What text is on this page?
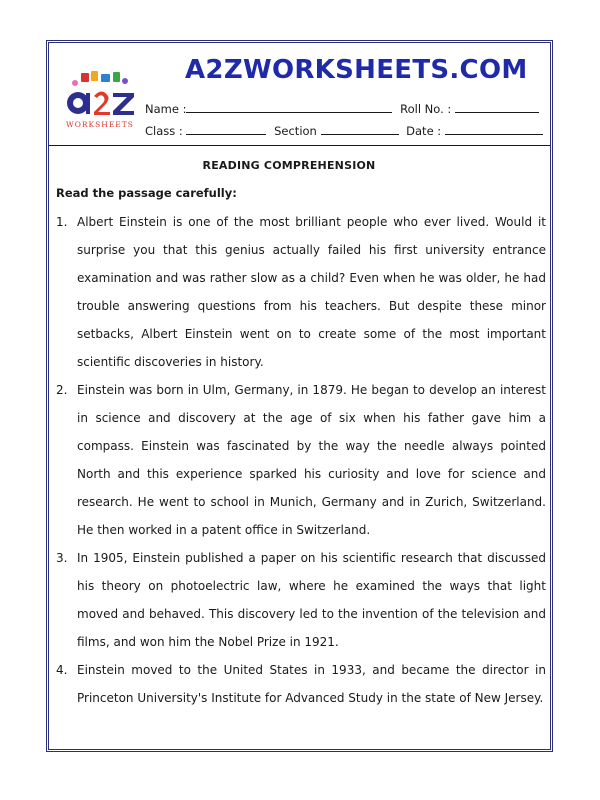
WORKSHEETS
A2ZWORKSHEETS.COM
Name :	Roll No. :
Class :	Section	Date :
READING COMPREHENSION
Read the passage carefully:
1. Albert Einstein is one of the most brilliant people who ever lived. Would it surprise you that this genius actually failed his first university entrance examination and was rather slow as a child? Even when he was older, he had trouble answering questions from his teachers. But despite these minor setbacks, Albert Einstein went on to create some of the most important scientific discoveries in history.
2. Einstein was born in Ulm, Germany, in 1879. He began to develop an interest in science and discovery at the age of six when his father gave him a compass. Einstein was fascinated by the way the needle always pointed North and this experience sparked his curiosity and love for science and research. He went to school in Munich, Germany and in Zurich, Switzerland. He then worked in a patent office in Switzerland.
3. In 1905, Einstein published a paper on his scientific research that discussed his theory on photoelectric law, where he examined the ways that light moved and behaved. This discovery led to the invention of the television and films, and won him the Nobel Prize in 1921.
4. Einstein moved to the United States in 1933, and became the director in Princeton University's Institute for Advanced Study in the state of New Jersey.
